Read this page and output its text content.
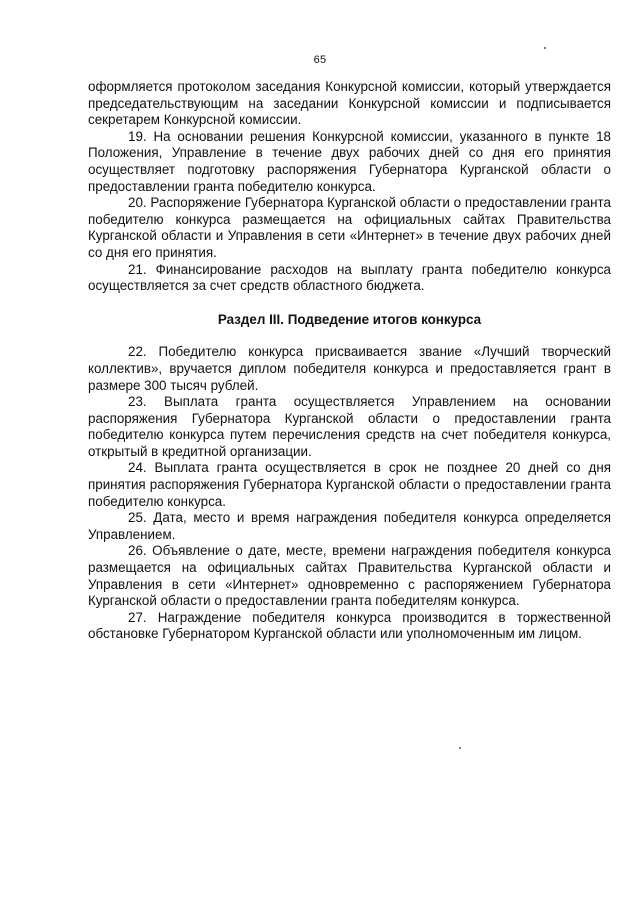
65

оформляется протоколом заседания Конкурсной комиссии, который утверждается председательствующим на заседании Конкурсной комиссии и подписывается секретарем Конкурсной комиссии.

19. На основании решения Конкурсной комиссии, указанного в пункте 18 Положения, Управление в течение двух рабочих дней со дня его принятия осуществляет подготовку распоряжения Губернатора Курганской области о предоставлении гранта победителю конкурса.

20. Распоряжение Губернатора Курганской области о предоставлении гранта победителю конкурса размещается на официальных сайтах Правительства Курганской области и Управления в сети «Интернет» в течение двух рабочих дней со дня его принятия.

21. Финансирование расходов на выплату гранта победителю конкурса осуществляется за счет средств областного бюджета.

Раздел III. Подведение итогов конкурса

22. Победителю конкурса присваивается звание «Лучший творческий коллектив», вручается диплом победителя конкурса и предоставляется грант в размере 300 тысяч рублей.

23. Выплата гранта осуществляется Управлением на основании распоряжения Губернатора Курганской области о предоставлении гранта победителю конкурса путем перечисления средств на счет победителя конкурса, открытый в кредитной организации.

24. Выплата гранта осуществляется в срок не позднее 20 дней со дня принятия распоряжения Губернатора Курганской области о предоставлении гранта победителю конкурса.

25. Дата, место и время награждения победителя конкурса определяется Управлением.

26. Объявление о дате, месте, времени награждения победителя конкурса размещается на официальных сайтах Правительства Курганской области и Управления в сети «Интернет» одновременно с распоряжением Губернатора Курганской области о предоставлении гранта победителям конкурса.

27. Награждение победителя конкурса производится в торжественной обстановке Губернатором Курганской области или уполномоченным им лицом.
